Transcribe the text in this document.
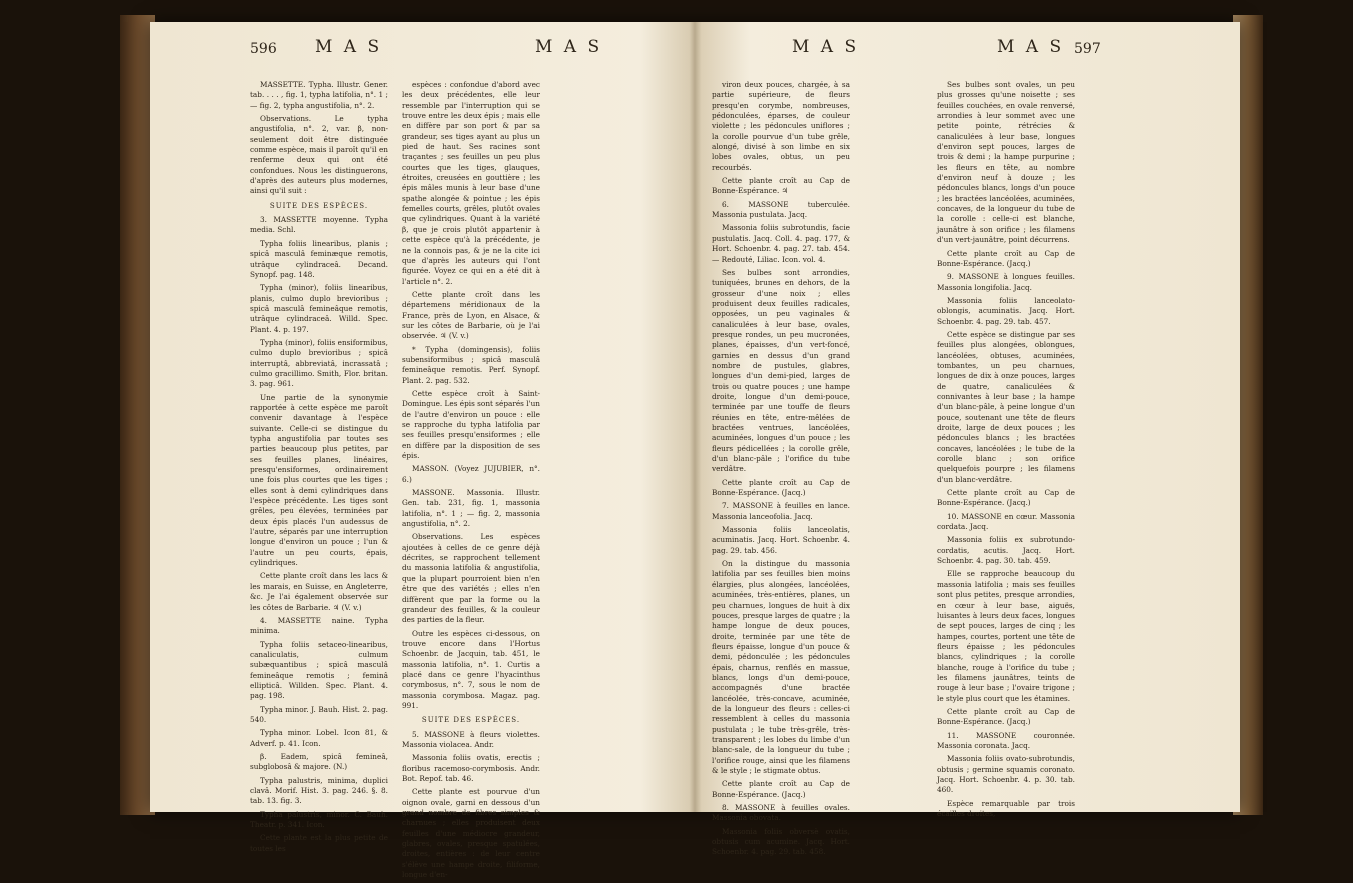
596 M A S	M A S

MASSETTE. Typha. Illustr. Gener. tab. . . . , fig. 1, typha latifolia, n°. 1 ; — fig. 2, typha angustifolia, n°. 2.

Observations. Le typha angustifolia, n°. 2, var. β, non-seulement doit être distinguée comme espèce, mais il paroît qu'il en renferme deux qui ont été confondues. Nous les distinguerons, d'après des auteurs plus modernes, ainsi qu'il suit :

SUITE DES ESPÈCES.

3. MASSETTE moyenne. Typha media. Schl.

Typha foliis linearibus, planis ; spicâ masculâ feminæque remotis, utrâque cylindraceâ. Decand. Synopf. pag. 148.

Typha (minor), foliis linearibus, planis, culmo duplo brevioribus ; spicâ masculâ femineâque remotis, utrâque cylindraceâ. Willd. Spec. Plant. 4. p. 197.

Typha (minor), foliis ensiformibus, culmo duplo brevioribus ; spicâ interruptâ, abbreviatâ, incrassatâ ; culmo gracillimo. Smith, Flor. britan. 3. pag. 961.

Une partie de la synonymie rapportée à cette espèce me paroît convenir davantage à l'espèce suivante. Celle-ci se distingue du typha angustifolia par toutes ses parties beaucoup plus petites, par ses feuilles planes, linéaires, presqu'ensiformes, ordinairement une fois plus courtes que les tiges ; elles sont à demi cylindriques dans l'espèce précédente. Les tiges sont grêles, peu élevées, terminées par deux épis placés l'un audessus de l'autre, séparés par une interruption longue d'environ un pouce ; l'un & l'autre un peu courts, épais, cylindriques.

Cette plante croît dans les lacs & les marais, en Suisse, en Angleterre, &c. Je l'ai également observée sur les côtes de Barbarie. ♃ (V. v.)

4. MASSETTE naine. Typha minima.

Typha foliis setaceo-linearibus, canaliculatis, culmum subæquantibus ; spicâ masculâ femineâque remotis ; feminâ ellipticâ. Willden. Spec. Plant. 4. pag. 198.

Typha minor. J. Bauh. Hist. 2. pag. 540.

Typha minor. Lobel. Icon 81, & Adverf. p. 41. Icon.

β. Eadem, spicâ femineâ, subglobosâ & majore. (N.)

Typha palustris, minima, duplici clavâ. Morif. Hist. 3. pag. 246. §. 8. tab. 13. fig. 3.

Typha palustris, minor. C. Bauh. Theatr. p. 341. Icon.

Cette plante est la plus petite de toutes les

espèces : confondue d'abord avec les deux précédentes, elle leur ressemble par l'interruption qui se trouve entre les deux épis ; mais elle en diffère par son port & par sa grandeur, ses tiges ayant au plus un pied de haut. Ses racines sont traçantes ; ses feuilles un peu plus courtes que les tiges, glauques, étroites, creusées en gouttière ; les épis mâles munis à leur base d'une spathe alongée & pointue ; les épis femelles courts, grêles, plutôt ovales que cylindriques. Quant à la variété β, que je crois plutôt appartenir à cette espèce qu'à la précédente, je ne la connois pas, & je ne la cite ici que d'après les auteurs qui l'ont figurée. Voyez ce qui en a été dit à l'article n°. 2.

Cette plante croît dans les départemens méridionaux de la France, près de Lyon, en Alsace, & sur les côtes de Barbarie, où je l'ai observée. ♃ (V. v.)

* Typha (domingensis), foliis subensiformibus ; spicâ masculâ femineâque remotis. Perf. Synopf. Plant. 2. pag. 532.

Cette espèce croît à Saint-Domingue. Les épis sont séparés l'un de l'autre d'environ un pouce : elle se rapproche du typha latifolia par ses feuilles presqu'ensiformes ; elle en diffère par la disposition de ses épis.

MASSON. (Voyez JUJUBIER, n°. 6.)

MASSONE. Massonia. Illustr. Gen. tab. 231, fig. 1, massonia latifolia, n°. 1 ; — fig. 2, massonia angustifolia, n°. 2.

Observations. Les espèces ajoutées à celles de ce genre déjà décrites, se rapprochent tellement du massonia latifolia & angustifolia, que la plupart pourroient bien n'en être que des variétés ; elles n'en diffèrent que par la forme ou la grandeur des feuilles, & la couleur des parties de la fleur.

Outre les espèces ci-dessous, on trouve encore dans l'Hortus Schoenbr. de Jacquin, tab. 451, le massonia latifolia, n°. 1. Curtis a placé dans ce genre l'hyacinthus corymbosus, n°. 7, sous le nom de massonia corymbosa. Magaz. pag. 991.

SUITE DES ESPÈCES.

5. MASSONE à fleurs violettes. Massonia violacea. Andr.

Massonia foliis ovatis, erectis ; floribus racemoso-corymbosis. Andr. Bot. Repof. tab. 46.

Cette plante est pourvue d'un oignon ovale, garni en dessous d'un grand nombre de fibres simples & charnues ; elles produisent deux feuilles d'une médiocre grandeur, glabres, ovales, presque spatulées, droites, entières : de leur centre s'élève une hampe droite, filiforme, longue d'en-

M A S	M A S 597

viron deux pouces, chargée, à sa partie supérieure, de fleurs presqu'en corymbe, nombreuses, pédonculées, éparses, de couleur violette ; les pédoncules uniflores ; la corolle pourvue d'un tube grêle, alongé, divisé à son limbe en six lobes ovales, obtus, un peu recourbés.

Cette plante croît au Cap de Bonne-Espérance. ♃

6. MASSONE tuberculée. Massonia pustulata. Jacq.

Massonia foliis subrotundis, facie pustulatis. Jacq. Coll. 4. pag. 177, & Hort. Schoenbr. 4. pag. 27. tab. 454. — Redouté, Liliac. Icon. vol. 4.

Ses bulbes sont arrondies, tuniquées, brunes en dehors, de la grosseur d'une noix ; elles produisent deux feuilles radicales, opposées, un peu vaginales & canaliculées à leur base, ovales, presque rondes, un peu mucronées, planes, épaisses, d'un vert-foncé, garnies en dessus d'un grand nombre de pustules, glabres, longues d'un demi-pied, larges de trois ou quatre pouces ; une hampe droite, longue d'un demi-pouce, terminée par une touffe de fleurs réunies en tête, entre-mêlées de bractées ventrues, lancéolées, acuminées, longues d'un pouce ; les fleurs pédicellées ; la corolle grêle, d'un blanc-pâle ; l'orifice du tube verdâtre.

Cette plante croît au Cap de Bonne-Espérance. (Jacq.)

7. MASSONE à feuilles en lance. Massonia lanceofolia. Jacq.

Massonia foliis lanceolatis, acuminatis. Jacq. Hort. Schoenbr. 4. pag. 29. tab. 456.

On la distingue du massonia latifolia par ses feuilles bien moins élargies, plus alongées, lancéolées, acuminées, très-entières, planes, un peu charnues, longues de huit à dix pouces, presque larges de quatre ; la hampe longue de deux pouces, droite, terminée par une tête de fleurs épaisse, longue d'un pouce & demi, pédonculée ; les pédoncules épais, charnus, renflés en massue, blancs, longs d'un demi-pouce, accompagnés d'une bractée lancéolée, très-concave, acuminée, de la longueur des fleurs : celles-ci ressemblent à celles du massonia pustulata ; le tube très-grêle, très-transparent ; les lobes du limbe d'un blanc-sale, de la longueur du tube ; l'orifice rouge, ainsi que les filamens & le style ; le stigmate obtus.

Cette plante croît au Cap de Bonne-Espérance. (Jacq.)

8. MASSONE à feuilles ovales. Massonia obovata.

Massonia foliis obversè ovatis, obtusis cum acumine. Jacq. Hort. Schoenbr. 4. pag. 29. tab. 458.

Ses bulbes sont ovales, un peu plus grosses qu'une noisette ; ses feuilles couchées, en ovale renversé, arrondies à leur sommet avec une petite pointe, rétrécies & canaliculées à leur base, longues d'environ sept pouces, larges de trois & demi ; la hampe purpurine ; les fleurs en tête, au nombre d'environ neuf à douze ; les pédoncules blancs, longs d'un pouce ; les bractées lancéolées, acuminées, concaves, de la longueur du tube de la corolle : celle-ci est blanche, jaunâtre à son orifice ; les filamens d'un vert-jaunâtre, point décurrens.

Cette plante croît au Cap de Bonne-Espérance. (Jacq.)

9. MASSONE à longues feuilles. Massonia longifolia. Jacq.

Massonia foliis lanceolato-oblongis, acuminatis. Jacq. Hort. Schoenbr. 4. pag. 29. tab. 457.

Cette espèce se distingue par ses feuilles plus alongées, oblongues, lancéolées, obtuses, acuminées, tombantes, un peu charnues, longues de dix à onze pouces, larges de quatre, canaliculées & connivantes à leur base ; la hampe d'un blanc-pâle, à peine longue d'un pouce, soutenant une tête de fleurs droite, large de deux pouces ; les pédoncules blancs ; les bractées concaves, lancéolées ; le tube de la corolle blanc ; son orifice quelquefois pourpre ; les filamens d'un blanc-verdâtre.

Cette plante croît au Cap de Bonne-Espérance. (Jacq.)

10. MASSONE en cœur. Massonia cordata. Jacq.

Massonia foliis ex subrotundo-cordatis, acutis. Jacq. Hort. Schoenbr. 4. pag. 30. tab. 459.

Elle se rapproche beaucoup du massonia latifolia ; mais ses feuilles sont plus petites, presque arrondies, en cœur à leur base, aiguës, luisantes à leurs deux faces, longues de sept pouces, larges de cinq ; les hampes, courtes, portent une tête de fleurs épaisse ; les pédoncules blancs, cylindriques ; la corolle blanche, rouge à l'orifice du tube ; les filamens jaunâtres, teints de rouge à leur base ; l'ovaire trigone ; le style plus court que les étamines.

Cette plante croît au Cap de Bonne-Espérance. (Jacq.)

11. MASSONE couronnée. Massonia coronata. Jacq.

Massonia foliis ovato-subrotundis, obtusis ; germine squamis coronato. Jacq. Hort. Schoenbr. 4. p. 30. tab. 460.

Espèce remarquable par trois écailles droites,
